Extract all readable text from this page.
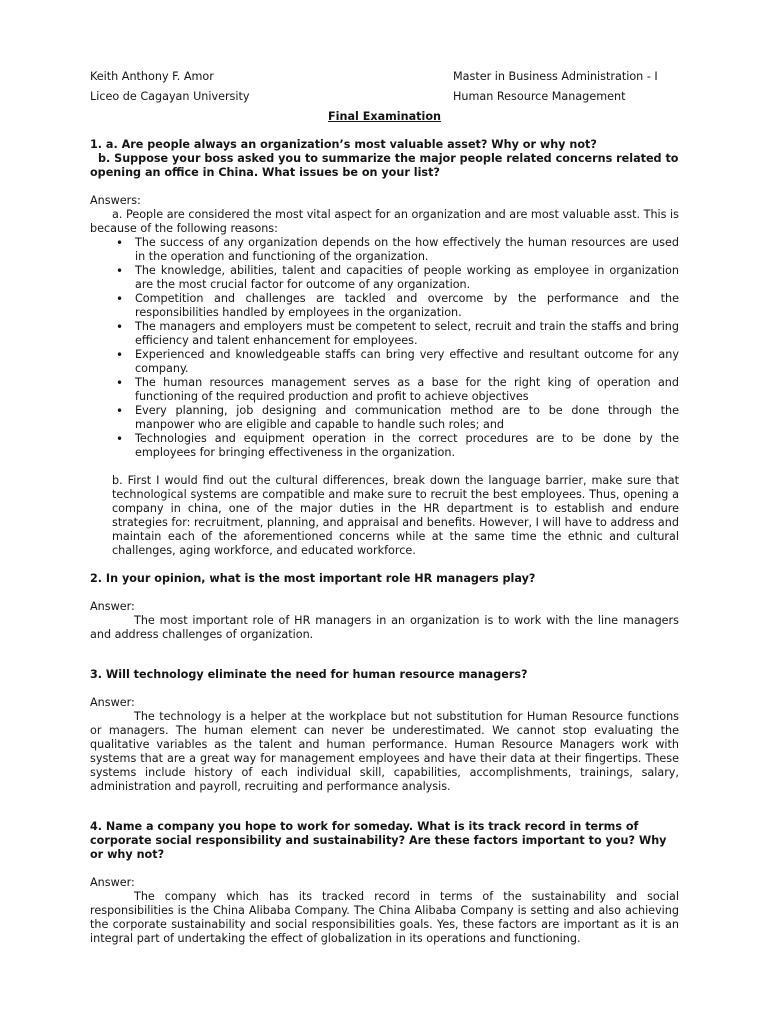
Keith Anthony F. Amor	Master in Business Administration - I
Liceo de Cagayan University	Human Resource Management
Final Examination

1. a. Are people always an organization’s most valuable asset? Why or why not?

b. Suppose your boss asked you to summarize the major people related concerns related to opening an office in China. What issues be on your list?

Answers:

a. People are considered the most vital aspect for an organization and are most valuable asst. This is because of the following reasons:

• The success of any organization depends on the how effectively the human resources are used in the operation and functioning of the organization.
• The knowledge, abilities, talent and capacities of people working as employee in organization are the most crucial factor for outcome of any organization.
• Competition and challenges are tackled and overcome by the performance and the responsibilities handled by employees in the organization.
• The managers and employers must be competent to select, recruit and train the staffs and bring efficiency and talent enhancement for employees.
• Experienced and knowledgeable staffs can bring very effective and resultant outcome for any company.
• The human resources management serves as a base for the right king of operation and functioning of the required production and profit to achieve objectives
• Every planning, job designing and communication method are to be done through the manpower who are eligible and capable to handle such roles; and
• Technologies and equipment operation in the correct procedures are to be done by the employees for bringing effectiveness in the organization.

b. First I would find out the cultural differences, break down the language barrier, make sure that technological systems are compatible and make sure to recruit the best employees. Thus, opening a company in china, one of the major duties in the HR department is to establish and endure strategies for: recruitment, planning, and appraisal and benefits. However, I will have to address and maintain each of the aforementioned concerns while at the same time the ethnic and cultural challenges, aging workforce, and educated workforce.

2. In your opinion, what is the most important role HR managers play?

Answer:

The most important role of HR managers in an organization is to work with the line managers and address challenges of organization.

3. Will technology eliminate the need for human resource managers?

Answer:

The technology is a helper at the workplace but not substitution for Human Resource functions or managers. The human element can never be underestimated. We cannot stop evaluating the qualitative variables as the talent and human performance. Human Resource Managers work with systems that are a great way for management employees and have their data at their fingertips. These systems include history of each individual skill, capabilities, accomplishments, trainings, salary, administration and payroll, recruiting and performance analysis.

4. Name a company you hope to work for someday. What is its track record in terms of corporate social responsibility and sustainability? Are these factors important to you? Why or why not?

Answer:

The company which has its tracked record in terms of the sustainability and social responsibilities is the China Alibaba Company. The China Alibaba Company is setting and also achieving the corporate sustainability and social responsibilities goals. Yes, these factors are important as it is an integral part of undertaking the effect of globalization in its operations and functioning.
